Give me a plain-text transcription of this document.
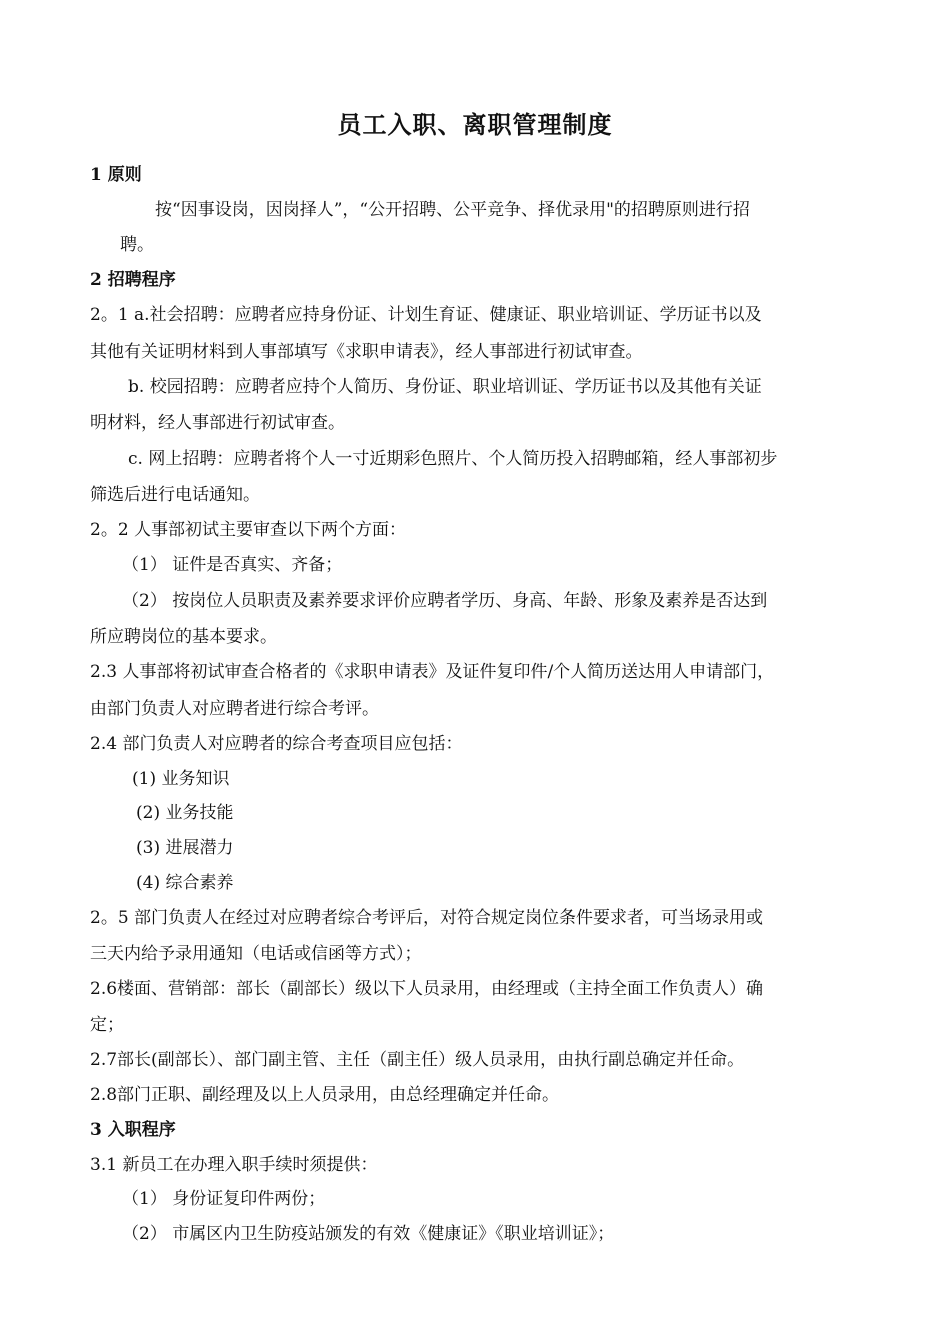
员工入职、离职管理制度
1 原则
按“因事设岗，因岗择人”，“公开招聘、公平竞争、择优录用"的招聘原则进行招
聘。
2 招聘程序
2。1 a.社会招聘：应聘者应持身份证、计划生育证、健康证、职业培训证、学历证书以及
其他有关证明材料到人事部填写《求职申请表》，经人事部进行初试审查。
b. 校园招聘：应聘者应持个人简历、身份证、职业培训证、学历证书以及其他有关证
明材料，经人事部进行初试审查。
c. 网上招聘：应聘者将个人一寸近期彩色照片、个人简历投入招聘邮箱，经人事部初步
筛选后进行电话通知。
2。2 人事部初试主要审查以下两个方面：
（1） 证件是否真实、齐备；
（2） 按岗位人员职责及素养要求评价应聘者学历、身高、年龄、形象及素养是否达到
所应聘岗位的基本要求。
2.3 人事部将初试审查合格者的《求职申请表》及证件复印件/个人简历送达用人申请部门，
由部门负责人对应聘者进行综合考评。
2.4 部门负责人对应聘者的综合考查项目应包括：
(1) 业务知识
(2) 业务技能
(3) 进展潜力
(4) 综合素养
2。5 部门负责人在经过对应聘者综合考评后，对符合规定岗位条件要求者，可当场录用或
三天内给予录用通知（电话或信函等方式）；
2.6楼面、营销部：部长（副部长）级以下人员录用，由经理或（主持全面工作负责人）确
定；
2.7部长(副部长）、部门副主管、主任（副主任）级人员录用，由执行副总确定并任命。
2.8部门正职、副经理及以上人员录用，由总经理确定并任命。
3 入职程序
3.1 新员工在办理入职手续时须提供：
（1） 身份证复印件两份；
（2） 市属区内卫生防疫站颁发的有效《健康证》《职业培训证》；
